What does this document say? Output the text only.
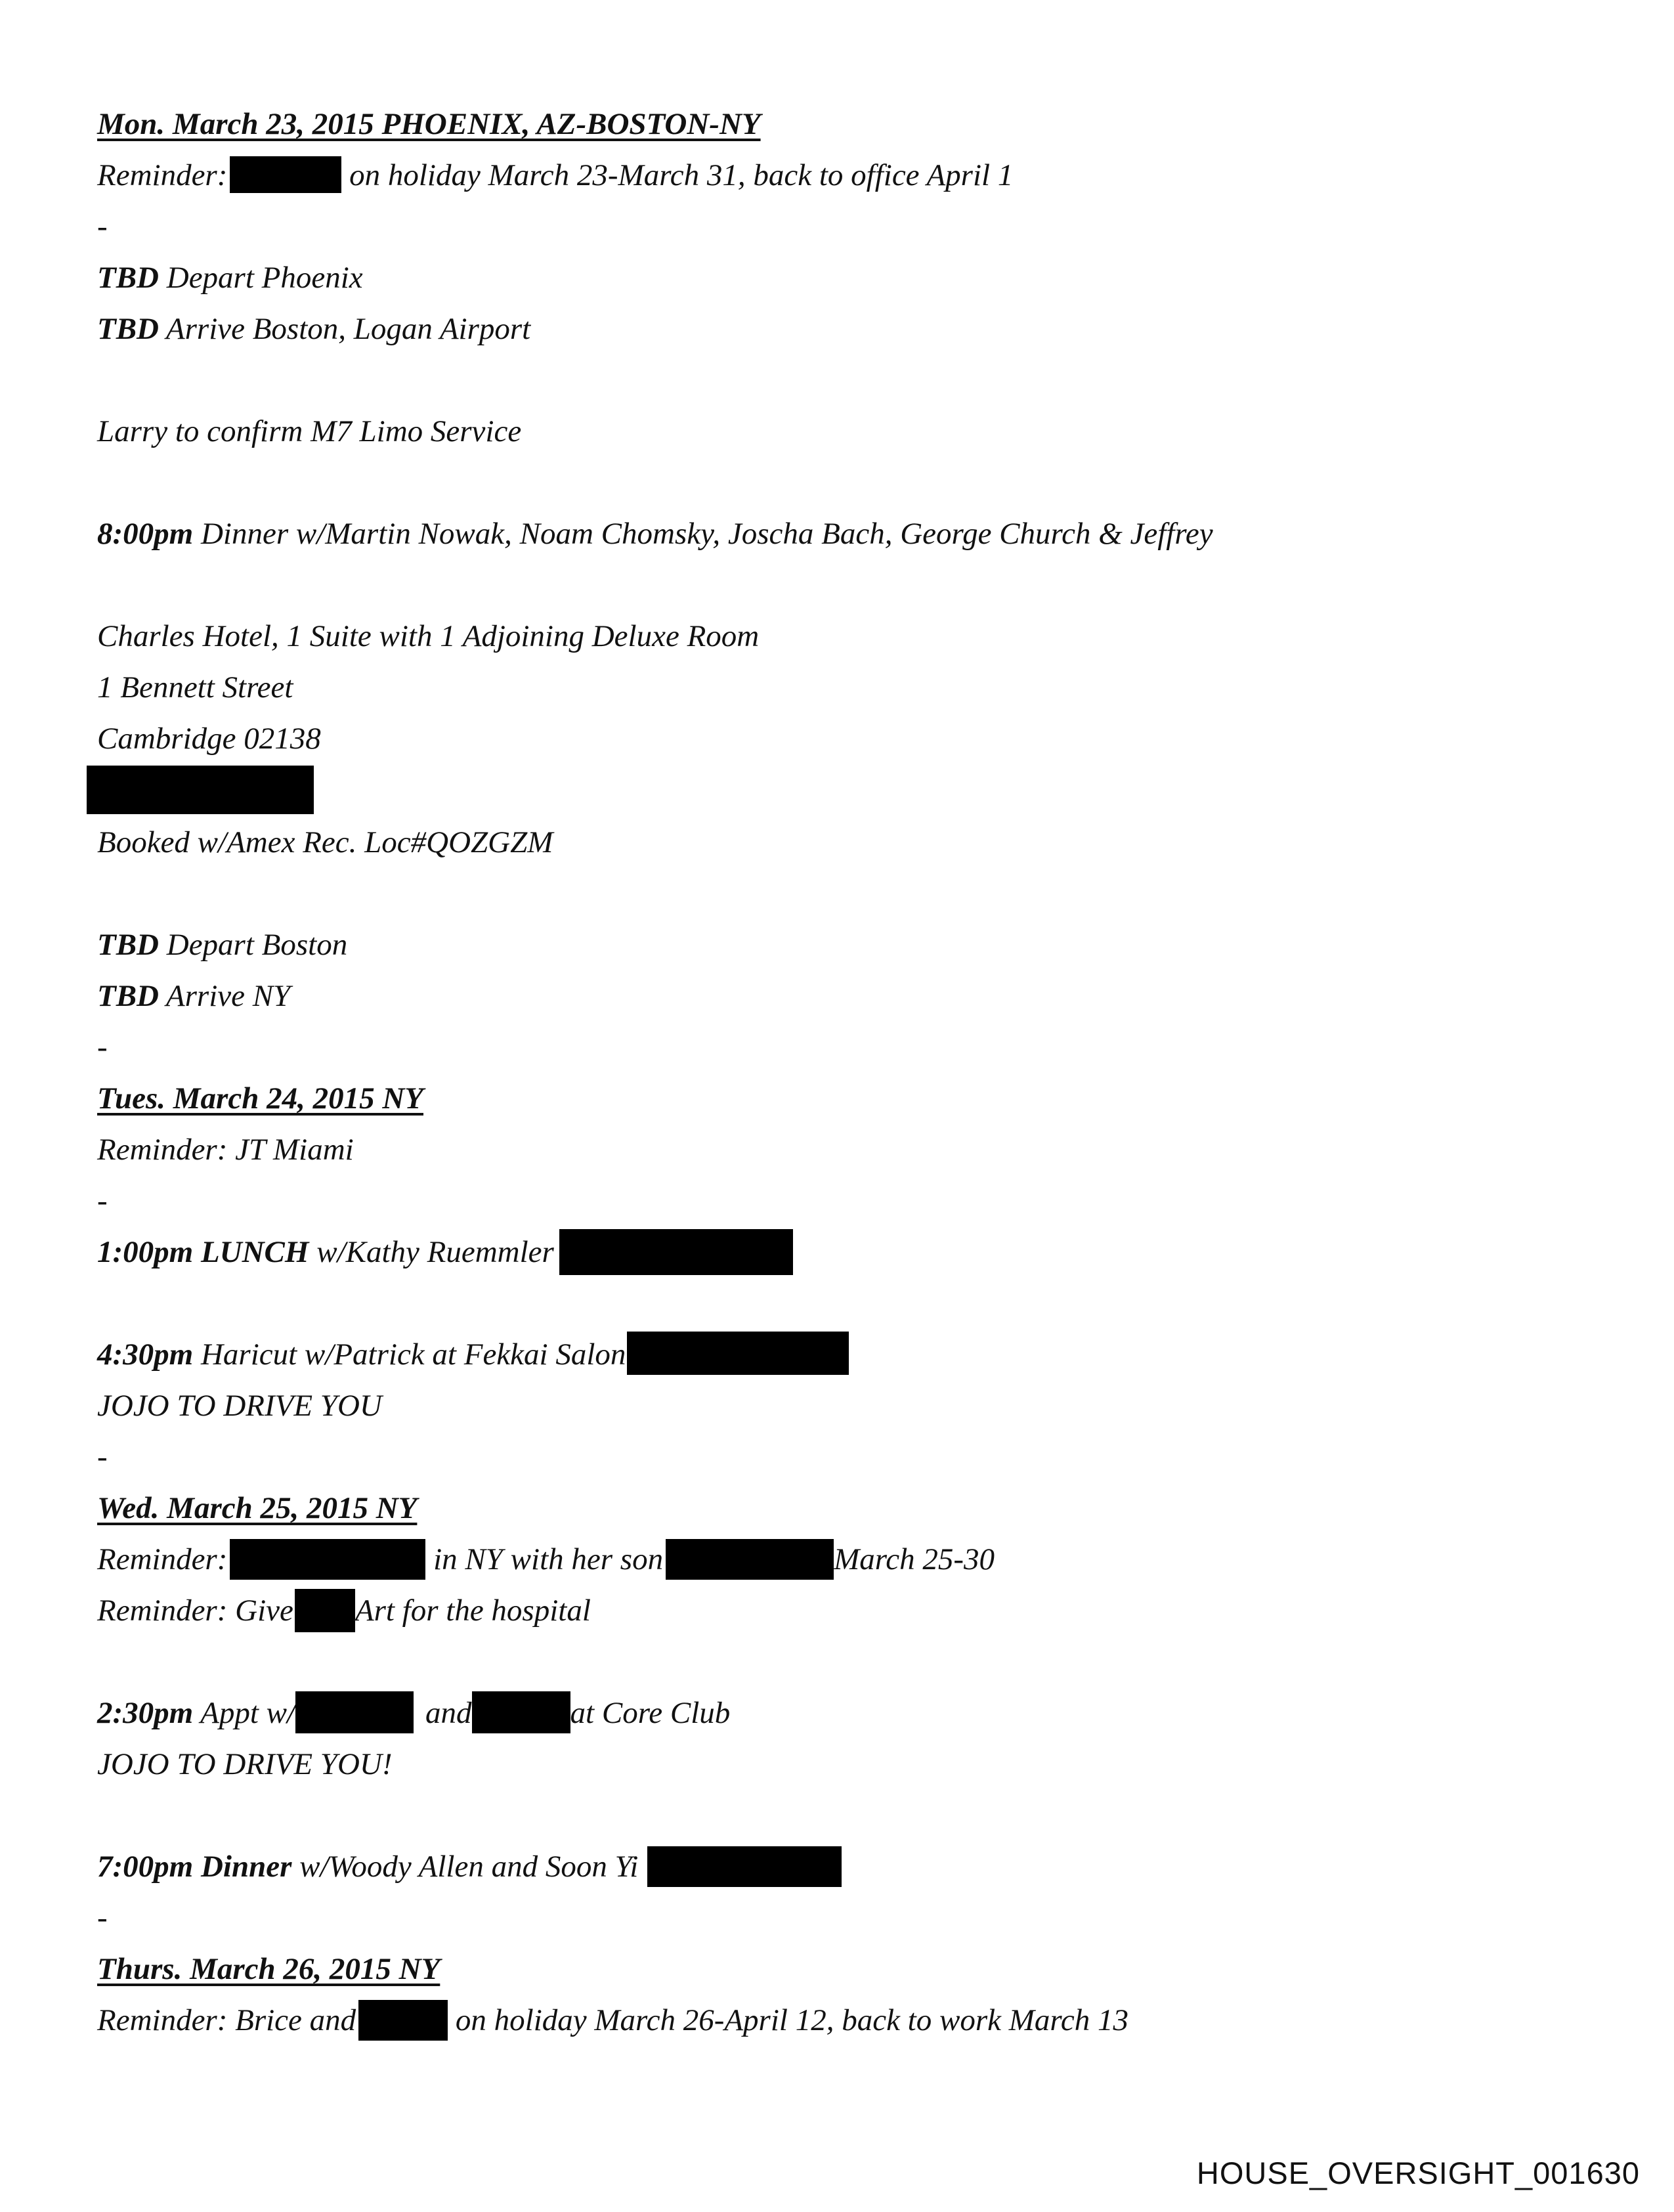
Mon. March 23, 2015 PHOENIX, AZ-BOSTON-NY
Reminder:	on holiday March 23-March 31, back to office April 1
-
TBD Depart Phoenix
TBD Arrive Boston, Logan Airport
Larry to confirm M7 Limo Service
8:00pm Dinner w/Martin Nowak, Noam Chomsky, Joscha Bach, George Church & Jeffrey
Charles Hotel, 1 Suite with 1 Adjoining Deluxe Room
1 Bennett Street
Cambridge 02138
Booked w/Amex Rec. Loc#QOZGZM
TBD Depart Boston
TBD Arrive NY
-
Tues. March 24, 2015 NY
Reminder: JT Miami
-
1:00pm LUNCH w/Kathy Ruemmler
4:30pm Haricut w/Patrick at Fekkai Salon
JOJO TO DRIVE YOU
-
Wed. March 25, 2015 NY
Reminder:	in NY with her son	March 25-30
Reminder: Give Art for the hospital
2:30pm Appt w/	and	at Core Club
JOJO TO DRIVE YOU!
7:00pm Dinner w/Woody Allen and Soon Yi
-
Thurs. March 26, 2015 NY
Reminder: Brice and	on holiday March 26-April 12, back to work March 13
HOUSE_OVERSIGHT_001630
